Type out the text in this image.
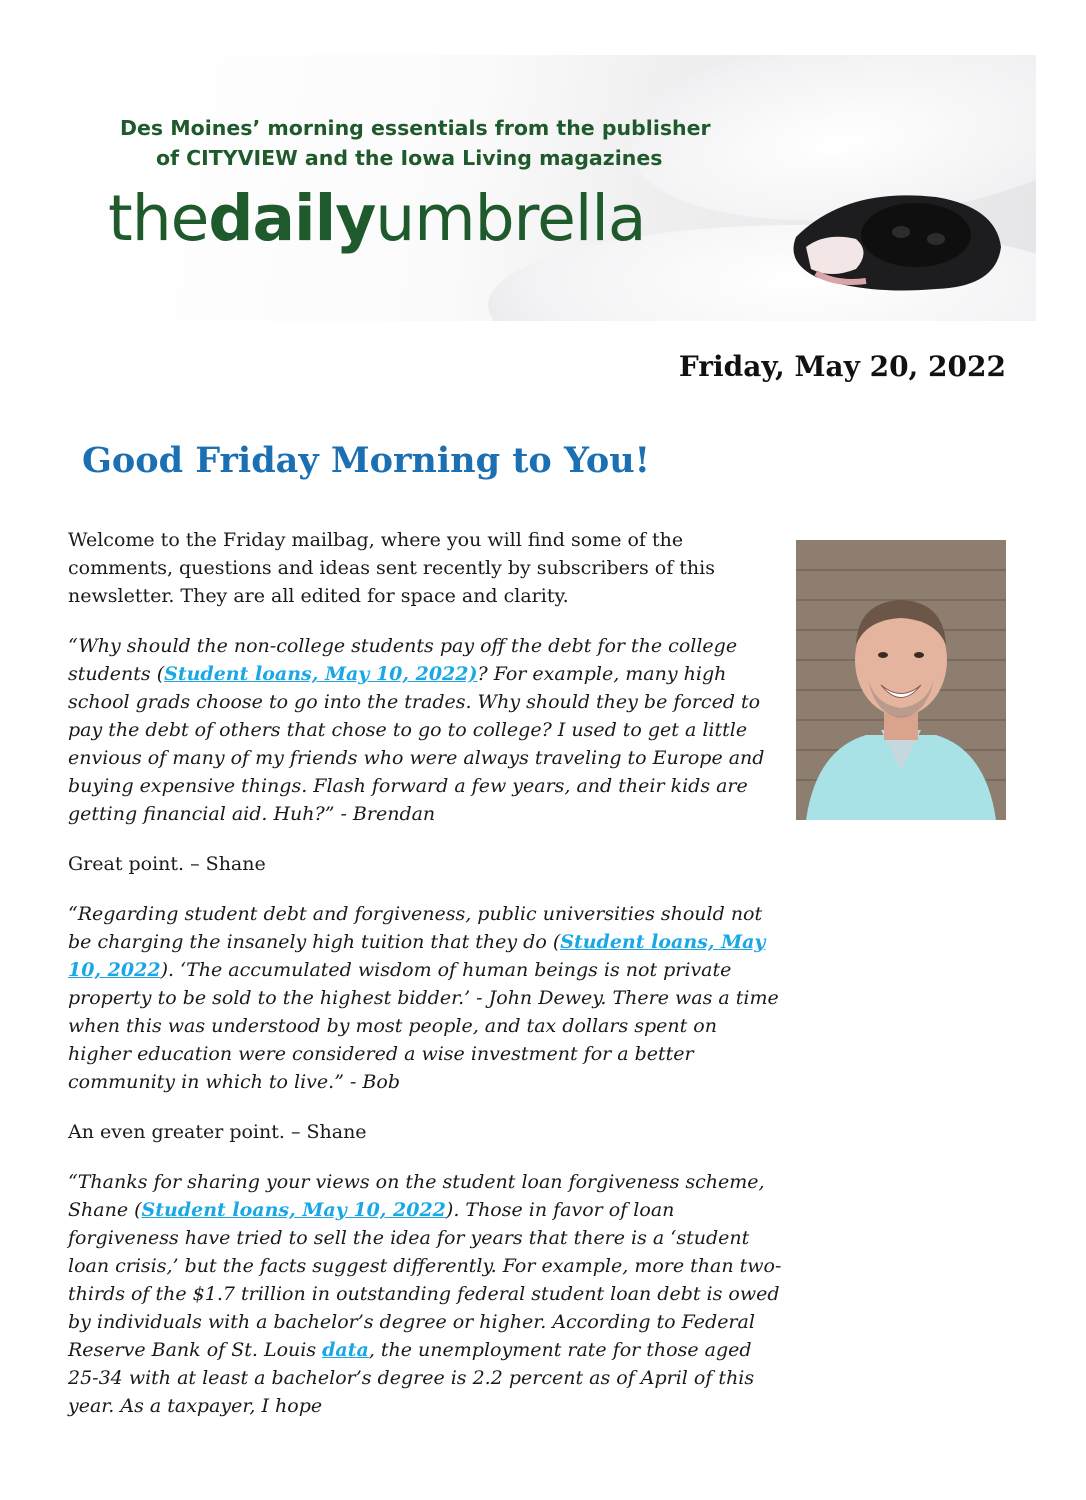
Des Moines’ morning essentials from the publisher
of CITYVIEW and the Iowa Living magazines
thedailyumbrella
Friday, May 20, 2022
Good Friday Morning to You!

Welcome to the Friday mailbag, where you will find some of the comments, questions and ideas sent recently by subscribers of this newsletter. They are all edited for space and clarity.

“Why should the non-college students pay off the debt for the college students (Student loans, May 10, 2022)? For example, many high school grads choose to go into the trades. Why should they be forced to pay the debt of others that chose to go to college? I used to get a little envious of many of my friends who were always traveling to Europe and buying expensive things. Flash forward a few years, and their kids are getting financial aid. Huh?” - Brendan

Great point. – Shane

“Regarding student debt and forgiveness, public universities should not be charging the insanely high tuition that they do (Student loans, May 10, 2022). ‘The accumulated wisdom of human beings is not private property to be sold to the highest bidder.’ - John Dewey. There was a time when this was understood by most people, and tax dollars spent on higher education were considered a wise investment for a better community in which to live.” - Bob

An even greater point. – Shane

“Thanks for sharing your views on the student loan forgiveness scheme, Shane (Student loans, May 10, 2022). Those in favor of loan forgiveness have tried to sell the idea for years that there is a ‘student loan crisis,’ but the facts suggest differently. For example, more than two-thirds of the $1.7 trillion in outstanding federal student loan debt is owed by individuals with a bachelor’s degree or higher. According to Federal Reserve Bank of St. Louis data, the unemployment rate for those aged 25-34 with at least a bachelor’s degree is 2.2 percent as of April of this year. As a taxpayer, I hope
